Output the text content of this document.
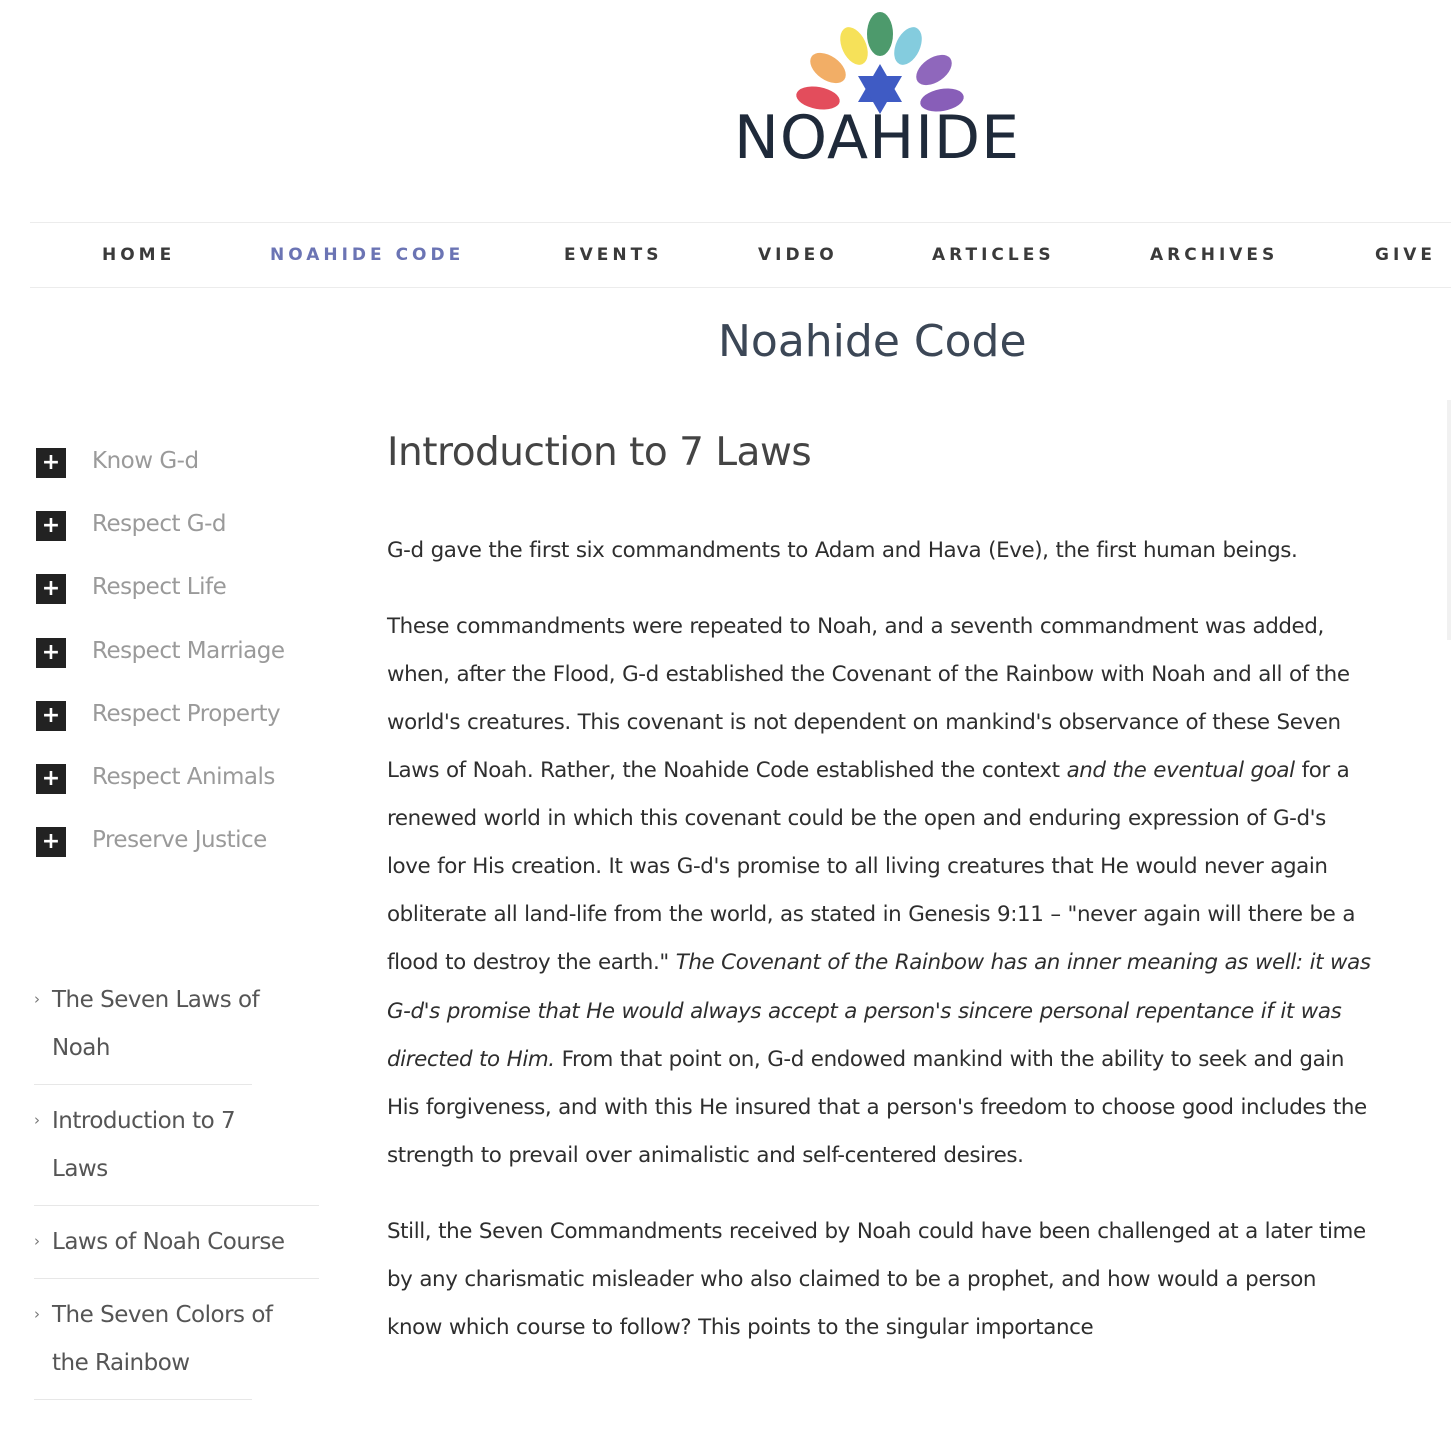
NOAHIDE
HOME	NOAHIDE CODE	EVENTS	VIDEO	ARTICLES	ARCHIVES	GIVE
Noahide Code
+ Know G-d
+ Respect G-d
+ Respect Life
+ Respect Marriage
+ Respect Property
+ Respect Animals
+ Preserve Justice
› The Seven Laws of Noah
› Introduction to 7 Laws
› Laws of Noah Course
› The Seven Colors of the Rainbow
Introduction to 7 Laws

G-d gave the first six commandments to Adam and Hava (Eve), the first human beings.

These commandments were repeated to Noah, and a seventh commandment was added, when, after the Flood, G-d established the Covenant of the Rainbow with Noah and all of the world's creatures. This covenant is not dependent on mankind's observance of these Seven Laws of Noah. Rather, the Noahide Code established the context and the eventual goal for a renewed world in which this covenant could be the open and enduring expression of G-d's love for His creation. It was G-d's promise to all living creatures that He would never again obliterate all land-life from the world, as stated in Genesis 9:11 – "never again will there be a flood to destroy the earth." The Covenant of the Rainbow has an inner meaning as well: it was G-d's promise that He would always accept a person's sincere personal repentance if it was directed to Him. From that point on, G-d endowed mankind with the ability to seek and gain His forgiveness, and with this He insured that a person's freedom to choose good includes the strength to prevail over animalistic and self-centered desires.

Still, the Seven Commandments received by Noah could have been challenged at a later time by any charismatic misleader who also claimed to be a prophet, and how would a person know which course to follow? This points to the singular importance
